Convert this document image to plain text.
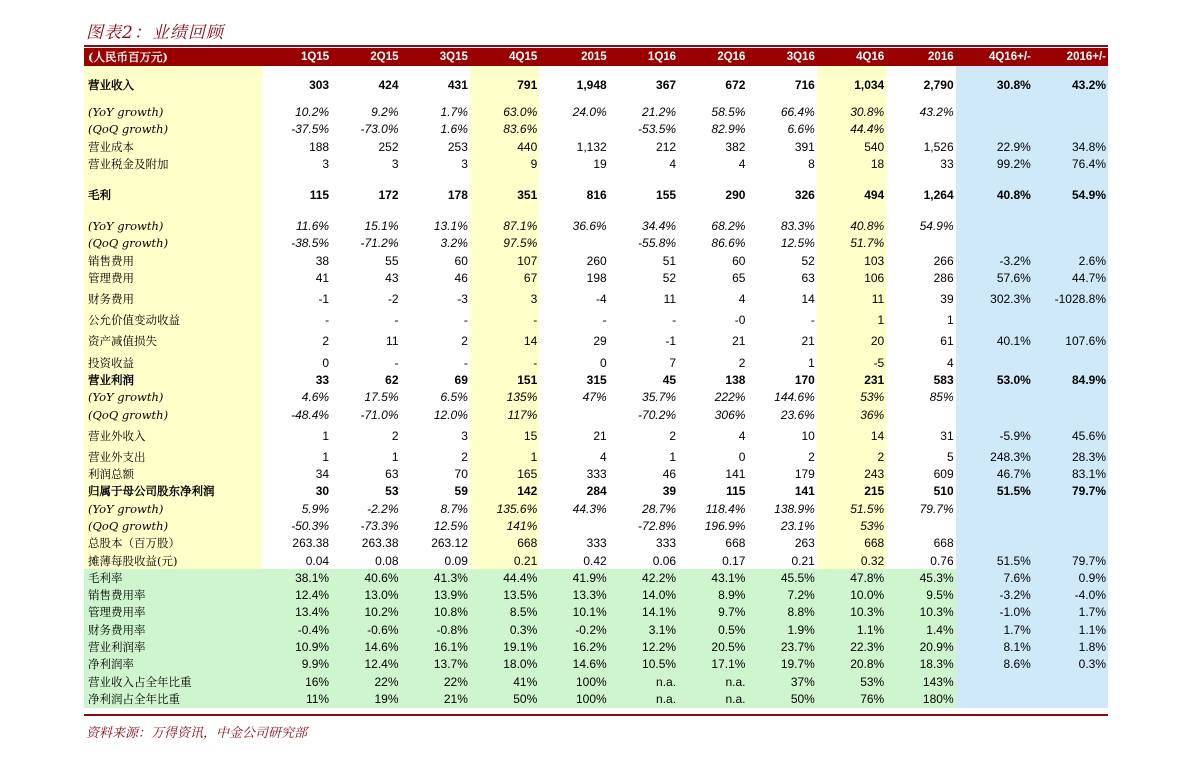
图表2：业绩回顾
(人民币百万元)	1Q15	2Q15	3Q15	4Q15	2015	1Q16	2Q16	3Q16	4Q16	2016	4Q16+/-	2016+/-

营业收入	303	424	431	791	1,948	367	672	716	1,034	2,790	30.8%	43.2%

(YoY growth)	10.2%	9.2%	1.7%	63.0%	24.0%	21.2%	58.5%	66.4%	30.8%	43.2%		
(QoQ growth)	-37.5%	-73.0%	1.6%	83.6%		-53.5%	82.9%	6.6%	44.4%			
营业成本	188	252	253	440	1,132	212	382	391	540	1,526	22.9%	34.8%
营业税金及附加	3	3	3	9	19	4	4	8	18	33	99.2%	76.4%

毛利	115	172	178	351	816	155	290	326	494	1,264	40.8%	54.9%

(YoY growth)	11.6%	15.1%	13.1%	87.1%	36.6%	34.4%	68.2%	83.3%	40.8%	54.9%		
(QoQ growth)	-38.5%	-71.2%	3.2%	97.5%		-55.8%	86.6%	12.5%	51.7%			
销售费用	38	55	60	107	260	51	60	52	103	266	-3.2%	2.6%
管理费用	41	43	46	67	198	52	65	63	106	286	57.6%	44.7%
财务费用	-1	-2	-3	3	-4	11	4	14	11	39	302.3%	-1028.8%
公允价值变动收益	-	-	-	-	-	-	-0	-	1	1		
资产减值损失	2	11	2	14	29	-1	21	21	20	61	40.1%	107.6%
投资收益	0	-	-	-	0	7	2	1	-5	4		
营业利润	33	62	69	151	315	45	138	170	231	583	53.0%	84.9%
(YoY growth)	4.6%	17.5%	6.5%	135%	47%	35.7%	222%	144.6%	53%	85%		
(QoQ growth)	-48.4%	-71.0%	12.0%	117%		-70.2%	306%	23.6%	36%			
营业外收入	1	2	3	15	21	2	4	10	14	31	-5.9%	45.6%
营业外支出	1	1	2	1	4	1	0	2	2	5	248.3%	28.3%
利润总额	34	63	70	165	333	46	141	179	243	609	46.7%	83.1%
归属于母公司股东净利润	30	53	59	142	284	39	115	141	215	510	51.5%	79.7%
(YoY growth)	5.9%	-2.2%	8.7%	135.6%	44.3%	28.7%	118.4%	138.9%	51.5%	79.7%		
(QoQ growth)	-50.3%	-73.3%	12.5%	141%		-72.8%	196.9%	23.1%	53%			
总股本（百万股）	263.38	263.38	263.12	668	333	333	668	263	668	668		
摊薄每股收益(元)	0.04	0.08	0.09	0.21	0.42	0.06	0.17	0.21	0.32	0.76	51.5%	79.7%
毛利率	38.1%	40.6%	41.3%	44.4%	41.9%	42.2%	43.1%	45.5%	47.8%	45.3%	7.6%	0.9%
销售费用率	12.4%	13.0%	13.9%	13.5%	13.3%	14.0%	8.9%	7.2%	10.0%	9.5%	-3.2%	-4.0%
管理费用率	13.4%	10.2%	10.8%	8.5%	10.1%	14.1%	9.7%	8.8%	10.3%	10.3%	-1.0%	1.7%
财务费用率	-0.4%	-0.6%	-0.8%	0.3%	-0.2%	3.1%	0.5%	1.9%	1.1%	1.4%	1.7%	1.1%
营业利润率	10.9%	14.6%	16.1%	19.1%	16.2%	12.2%	20.5%	23.7%	22.3%	20.9%	8.1%	1.8%
净利润率	9.9%	12.4%	13.7%	18.0%	14.6%	10.5%	17.1%	19.7%	20.8%	18.3%	8.6%	0.3%
营业收入占全年比重	16%	22%	22%	41%	100%	n.a.	n.a.	37%	53%	143%		
净利润占全年比重	11%	19%	21%	50%	100%	n.a.	n.a.	50%	76%	180%		
资料来源：万得资讯，中金公司研究部
